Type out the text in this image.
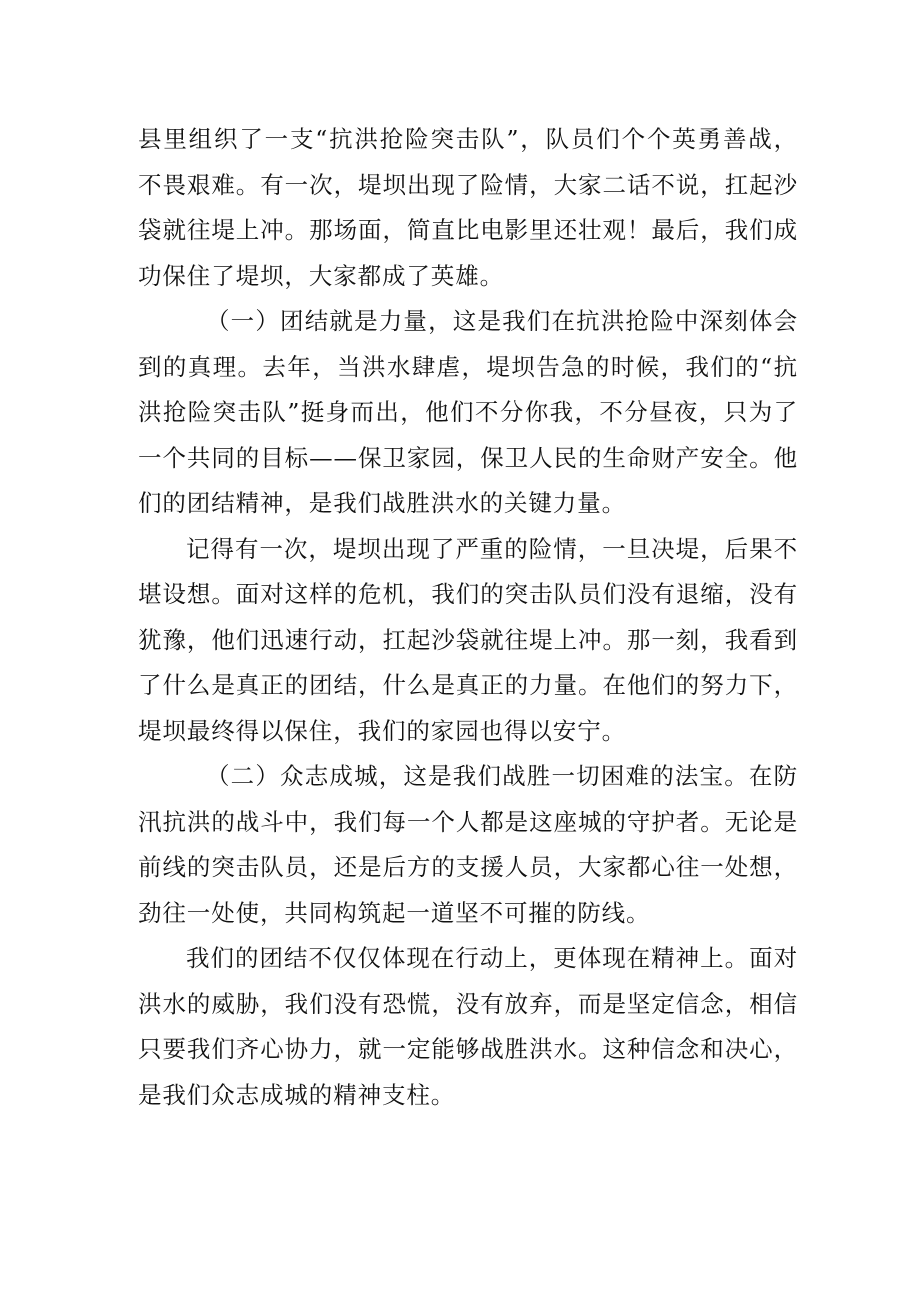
县里组织了一支“抗洪抢险突击队”，队员们个个英勇善战，不畏艰难。有一次，堤坝出现了险情，大家二话不说，扛起沙袋就往堤上冲。那场面，简直比电影里还壮观！最后，我们成功保住了堤坝，大家都成了英雄。

（一）团结就是力量，这是我们在抗洪抢险中深刻体会到的真理。去年，当洪水肆虐，堤坝告急的时候，我们的“抗洪抢险突击队”挺身而出，他们不分你我，不分昼夜，只为了一个共同的目标——保卫家园，保卫人民的生命财产安全。他们的团结精神，是我们战胜洪水的关键力量。

记得有一次，堤坝出现了严重的险情，一旦决堤，后果不堪设想。面对这样的危机，我们的突击队员们没有退缩，没有犹豫，他们迅速行动，扛起沙袋就往堤上冲。那一刻，我看到了什么是真正的团结，什么是真正的力量。在他们的努力下，堤坝最终得以保住，我们的家园也得以安宁。

（二）众志成城，这是我们战胜一切困难的法宝。在防汛抗洪的战斗中，我们每一个人都是这座城的守护者。无论是前线的突击队员，还是后方的支援人员，大家都心往一处想，劲往一处使，共同构筑起一道坚不可摧的防线。

我们的团结不仅仅体现在行动上，更体现在精神上。面对洪水的威胁，我们没有恐慌，没有放弃，而是坚定信念，相信只要我们齐心协力，就一定能够战胜洪水。这种信念和决心，是我们众志成城的精神支柱。
